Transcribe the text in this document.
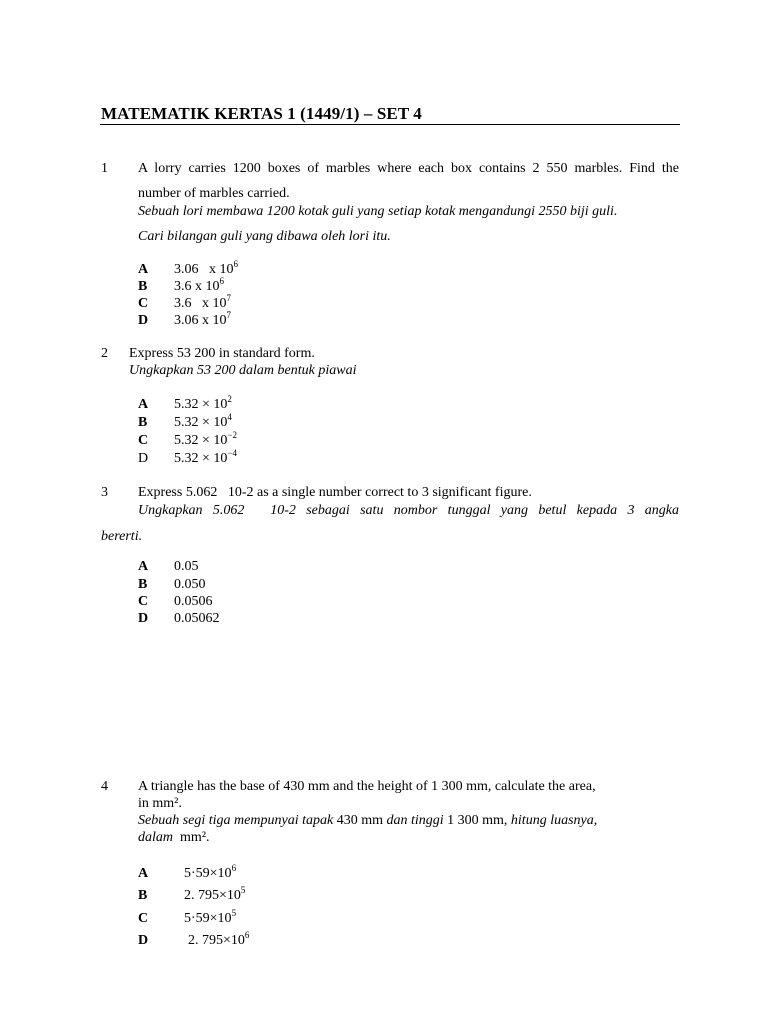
MATEMATIK KERTAS 1 (1449/1) – SET 4
1 A lorry carries 1200 boxes of marbles where each box contains 2 550 marbles. Find the
number of marbles carried.
Sebuah lori membawa 1200 kotak guli yang setiap kotak mengandungi 2550 biji guli.
Cari bilangan guli yang dibawa oleh lori itu.
A	3.06   x $10^6$
B	3.6 x $10^6$
C	3.6   x $10^7$
D	3.06 x $10^7$
2 Express 53 200 in standard form.
Ungkapkan 53 200 dalam bentuk piawai
A	$5.32 \times 10^2$
B	$5.32 \times 10^4$
C	$5.32 \times 10^{-2}$
D	$5.32 \times 10^{-4}$
3 Express 5.062   10-2 as a single number correct to 3 significant figure.
Ungkapkan  5.062     10-2  sebagai  satu  nombor  tunggal  yang  betul  kepada  3  angka
bererti.
A	0.05
B	0.050
C	0.0506
D	0.05062
4 A triangle has the base of 430 mm and the height of 1 300 mm, calculate the area,
in mm².
Sebuah segi tiga mempunyai tapak 430 mm dan tinggi 1 300 mm, hitung luasnya,
dalam mm².
A	$5\cdot 59\times 10^6$
B	2. $795\times 10^5$
C	$5\cdot 59\times 10^5$
D	2. $795\times 10^6$
